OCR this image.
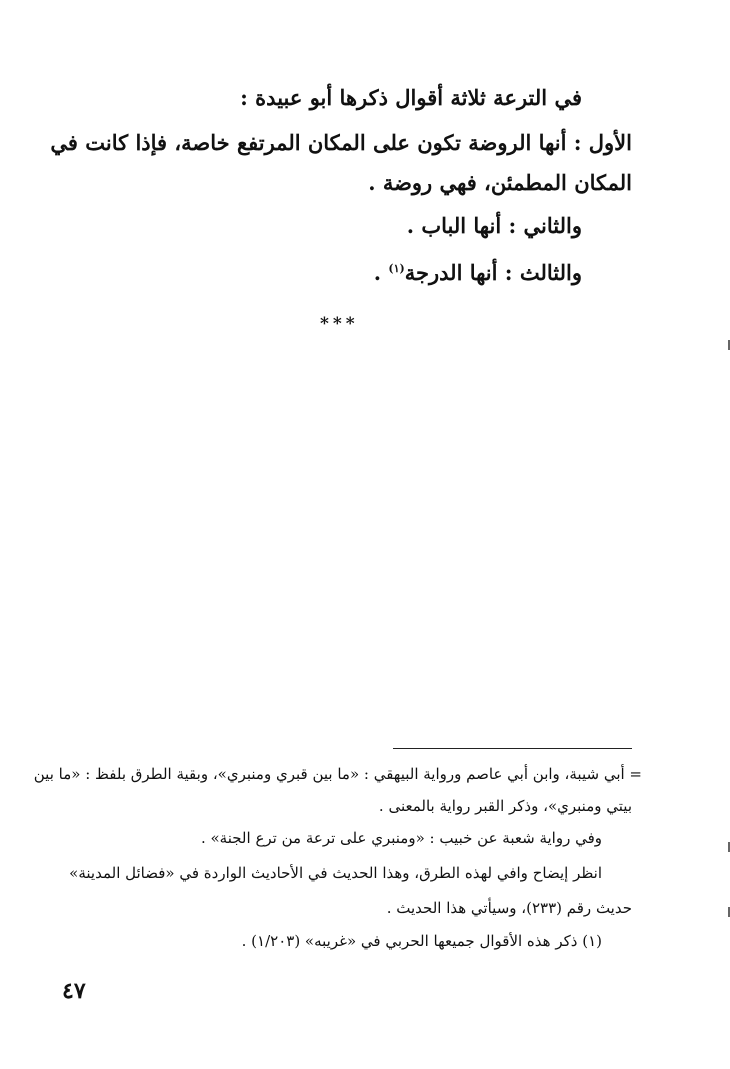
في الترعة ثلاثة أقوال ذكرها أبو عبيدة :
الأول : أنها الروضة تكون على المكان المرتفع خاصة، فإذا كانت في
المكان المطمئن، فهي روضة .
والثاني : أنها الباب .
والثالث : أنها الدرجة$^{(١)}$ .
***
= أبي شيبة، وابن أبي عاصم ورواية البيهقي : «ما بين قبري ومنبري»، وبقية الطرق بلفظ : «ما بين
بيتي ومنبري»، وذكر القبر رواية بالمعنى .
وفي رواية شعبة عن خبيب : «ومنبري على ترعة من ترع الجنة» .
انظر إيضاح وافي لهذه الطرق، وهذا الحديث في الأحاديث الواردة في «فضائل المدينة»
حديث رقم (٢٣٣)، وسيأتي هذا الحديث .
(١) ذكر هذه الأقوال جميعها الحربي في «غريبه» (١/٢٠٣) .
٤٧
